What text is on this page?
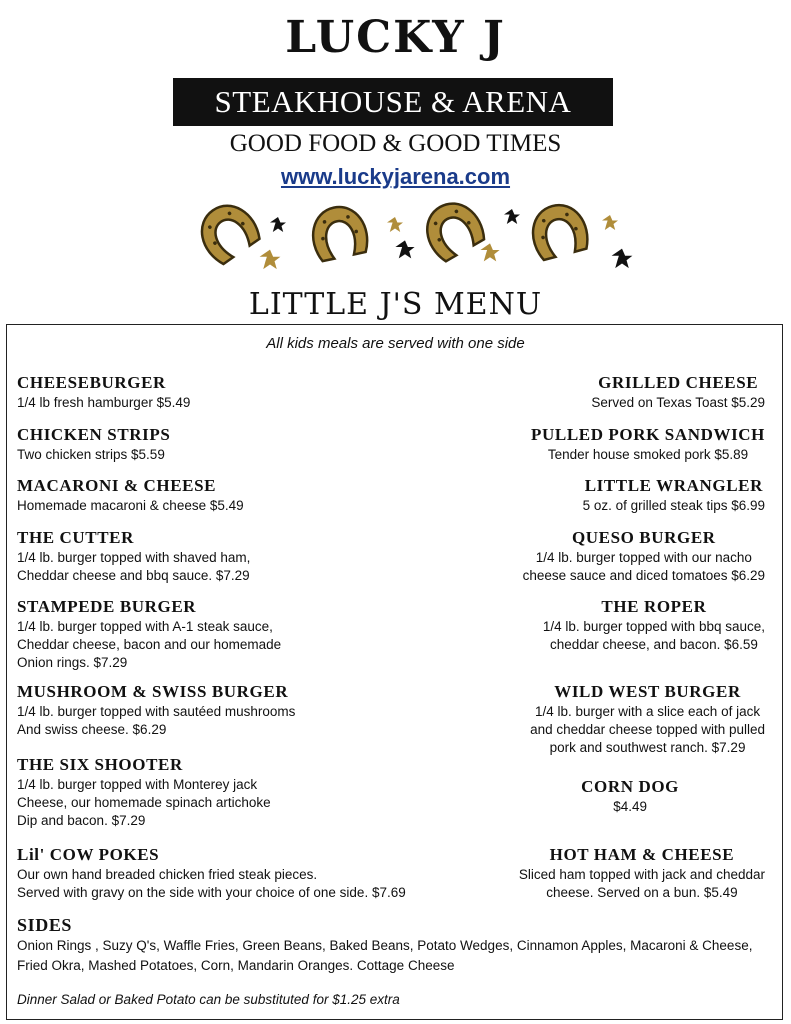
LUCKY J
STEAKHOUSE & ARENA
GOOD FOOD & GOOD TIMES
www.luckyjarena.com
LITTLE J'S MENU
All kids meals are served with one side
CHEESEBURGER
1/4 lb fresh hamburger $5.49
CHICKEN STRIPS
Two chicken strips $5.59
MACARONI & CHEESE
Homemade macaroni & cheese $5.49
THE CUTTER
1/4 lb. burger topped with shaved ham,
Cheddar cheese and bbq sauce. $7.29
STAMPEDE BURGER
1/4 lb. burger topped with A-1 steak sauce,
Cheddar cheese, bacon and our homemade
Onion rings. $7.29
MUSHROOM & SWISS BURGER
1/4 lb. burger topped with sautéed mushrooms
And swiss cheese. $6.29
THE SIX SHOOTER
1/4 lb. burger topped with Monterey jack
Cheese, our homemade spinach artichoke
Dip and bacon. $7.29
Lil' COW POKES
Our own hand breaded chicken fried steak pieces.
Served with gravy on the side with your choice of one side. $7.69
GRILLED CHEESE
Served on Texas Toast $5.29
PULLED PORK SANDWICH
Tender house smoked pork $5.89
LITTLE WRANGLER
5 oz. of grilled steak tips $6.99
QUESO BURGER
1/4 lb. burger topped with our nacho
cheese sauce and diced tomatoes $6.29
THE ROPER
1/4 lb. burger topped with bbq sauce,
cheddar cheese, and bacon. $6.59
WILD WEST BURGER
1/4 lb. burger with a slice each of jack
and cheddar cheese topped with pulled
pork and southwest ranch. $7.29
CORN DOG
$4.49
HOT HAM & CHEESE
Sliced ham topped with jack and cheddar
cheese. Served on a bun. $5.49
SIDES
Onion Rings , Suzy Q's, Waffle Fries, Green Beans, Baked Beans, Potato Wedges, Cinnamon Apples, Macaroni & Cheese, Fried Okra, Mashed Potatoes, Corn, Mandarin Oranges. Cottage Cheese
Dinner Salad or Baked Potato can be substituted for $1.25 extra
